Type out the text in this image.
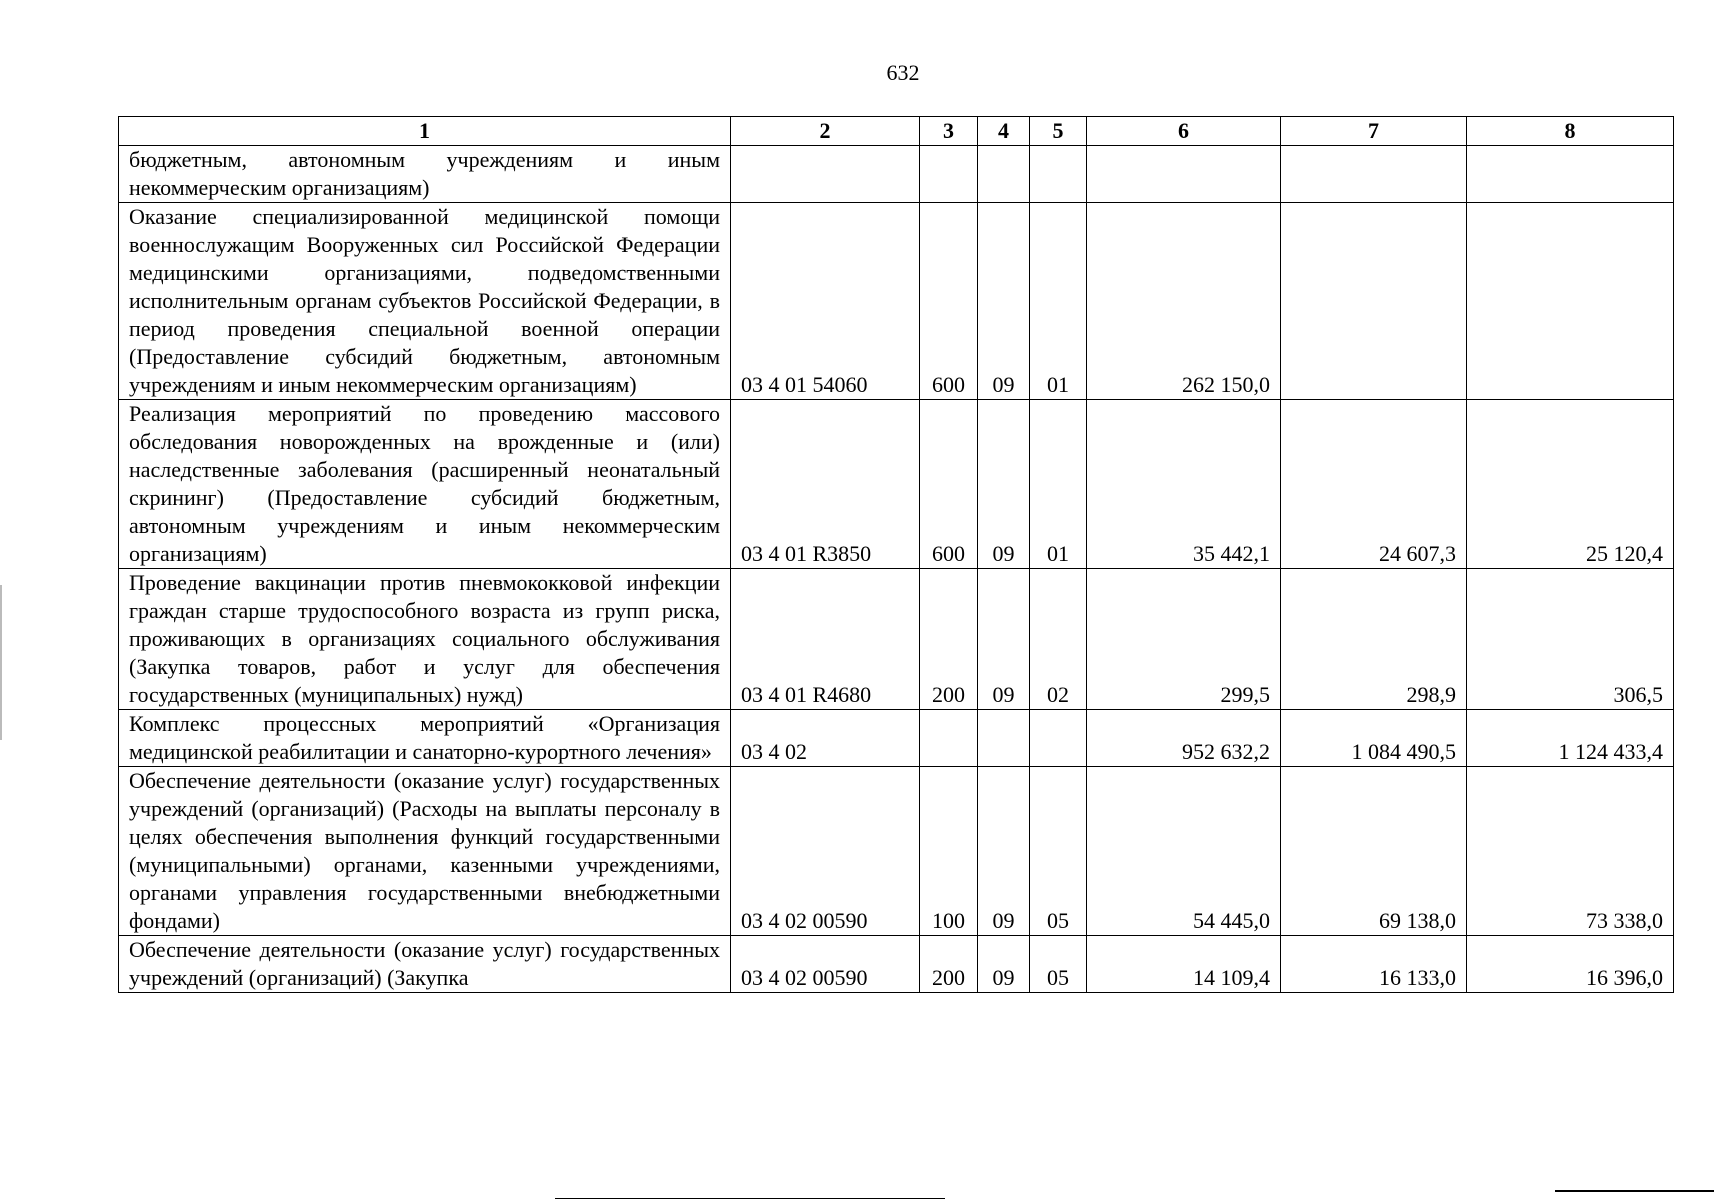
632
1	2	3	4	5	6	7	8
бюджетным, автономным учреждениям и иным некоммерческим организациям)							
Оказание специализированной медицинской помощи военнослужащим Вооруженных сил Российской Федерации медицинскими организациями, подведомственными исполнительным органам субъектов Российской Федерации, в период проведения специальной военной операции (Предоставление субсидий бюджетным, автономным учреждениям и иным некоммерческим организациям)	03 4 01 54060	600	09	01	262 150,0		
Реализация мероприятий по проведению массового обследования новорожденных на врожденные и (или) наследственные заболевания (расширенный неонатальный скрининг) (Предоставление субсидий бюджетным, автономным учреждениям и иным некоммерческим организациям)	03 4 01 R3850	600	09	01	35 442,1	24 607,3	25 120,4
Проведение вакцинации против пневмококковой инфекции граждан старше трудоспособного возраста из групп риска, проживающих в организациях социального обслуживания (Закупка товаров, работ и услуг для обеспечения государственных (муниципальных) нужд)	03 4 01 R4680	200	09	02	299,5	298,9	306,5
Комплекс процессных мероприятий «Организация медицинской реабилитации и санаторно-курортного лечения»	03 4 02				952 632,2	1 084 490,5	1 124 433,4
Обеспечение деятельности (оказание услуг) государственных учреждений (организаций) (Расходы на выплаты персоналу в целях обеспечения выполнения функций государственными (муниципальными) органами, казенными учреждениями, органами управления государственными внебюджетными фондами)	03 4 02 00590	100	09	05	54 445,0	69 138,0	73 338,0
Обеспечение деятельности (оказание услуг) государственных учреждений (организаций) (Закупка	03 4 02 00590	200	09	05	14 109,4	16 133,0	16 396,0
